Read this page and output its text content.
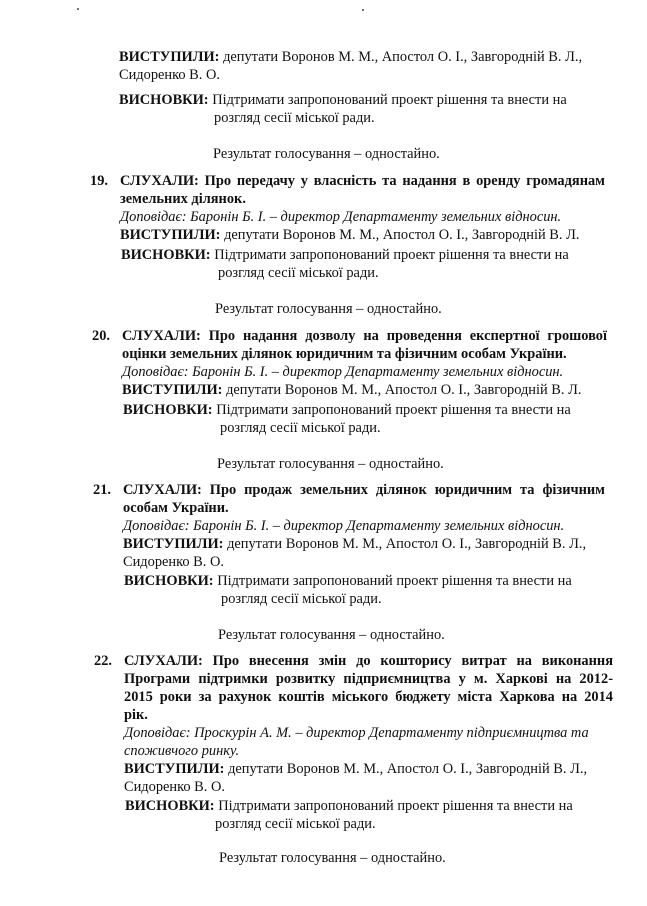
ВИСТУПИЛИ: депутати Воронов М. М., Апостол О. І., Завгородній В. Л.,
Сидоренко В. О.
ВИСНОВКИ: Підтримати запропонований проект рішення та внести на
розгляд сесії міської ради.
Результат голосування – одностайно.
19. СЛУХАЛИ: Про передачу у власність та надання в оренду громадянам
земельних ділянок.
Доповідає: Баронін Б. І. – директор Департаменту земельних відносин.
ВИСТУПИЛИ: депутати Воронов М. М., Апостол О. І., Завгородній В. Л.
ВИСНОВКИ: Підтримати запропонований проект рішення та внести на
розгляд сесії міської ради.
Результат голосування – одностайно.
20. СЛУХАЛИ: Про надання дозволу на проведення експертної грошової
оцінки земельних ділянок юридичним та фізичним особам України.
Доповідає: Баронін Б. І. – директор Департаменту земельних відносин.
ВИСТУПИЛИ: депутати Воронов М. М., Апостол О. І., Завгородній В. Л.
ВИСНОВКИ: Підтримати запропонований проект рішення та внести на
розгляд сесії міської ради.
Результат голосування – одностайно.
21. СЛУХАЛИ: Про продаж земельних ділянок юридичним та фізичним
особам України.
Доповідає: Баронін Б. І. – директор Департаменту земельних відносин.
ВИСТУПИЛИ: депутати Воронов М. М., Апостол О. І., Завгородній В. Л.,
Сидоренко В. О.
ВИСНОВКИ: Підтримати запропонований проект рішення та внести на
розгляд сесії міської ради.
Результат голосування – одностайно.
22. СЛУХАЛИ: Про внесення змін до кошторису витрат на виконання
Програми підтримки розвитку підприємництва у м. Харкові на 2012-
2015 роки за рахунок коштів міського бюджету міста Харкова на 2014
рік.
Доповідає: Проскурін А. М. – директор Департаменту підприємництва та
споживчого ринку.
ВИСТУПИЛИ: депутати Воронов М. М., Апостол О. І., Завгородній В. Л.,
Сидоренко В. О.
ВИСНОВКИ: Підтримати запропонований проект рішення та внести на
розгляд сесії міської ради.
Результат голосування – одностайно.
